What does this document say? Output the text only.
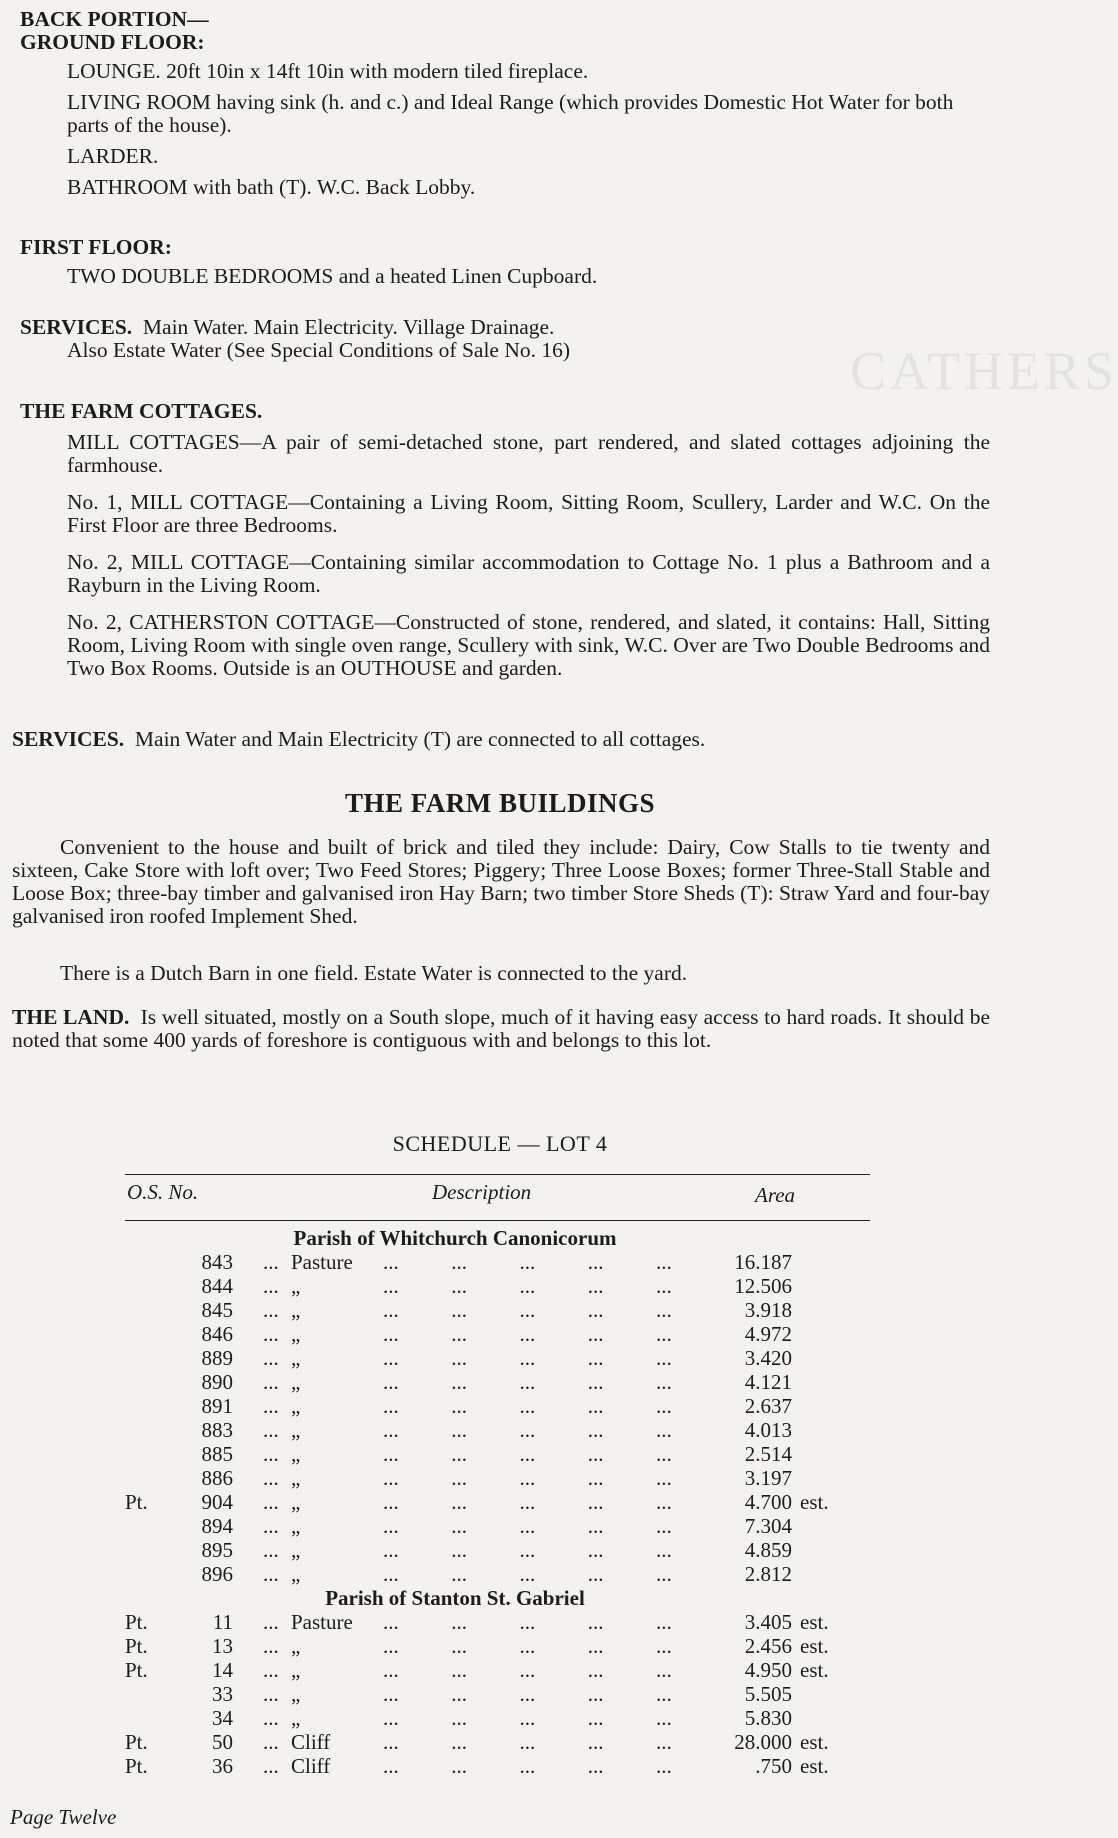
CATHERS
BACK PORTION—
GROUND FLOOR:
LOUNGE. 20ft 10in x 14ft 10in with modern tiled fireplace.
LIVING ROOM having sink (h. and c.) and Ideal Range (which provides Domestic Hot Water for both parts of the house).
LARDER.
BATHROOM with bath (T). W.C. Back Lobby.
FIRST FLOOR:
TWO DOUBLE BEDROOMS and a heated Linen Cupboard.
SERVICES. Main Water. Main Electricity. Village Drainage.
Also Estate Water (See Special Conditions of Sale No. 16)
THE FARM COTTAGES.
MILL COTTAGES—A pair of semi-detached stone, part rendered, and slated cottages adjoining the farmhouse.
No. 1, MILL COTTAGE—Containing a Living Room, Sitting Room, Scullery, Larder and W.C. On the First Floor are three Bedrooms.
No. 2, MILL COTTAGE—Containing similar accommodation to Cottage No. 1 plus a Bathroom and a Rayburn in the Living Room.
No. 2, CATHERSTON COTTAGE—Constructed of stone, rendered, and slated, it contains: Hall, Sitting Room, Living Room with single oven range, Scullery with sink, W.C. Over are Two Double Bedrooms and Two Box Rooms. Outside is an OUTHOUSE and garden.
SERVICES. Main Water and Main Electricity (T) are connected to all cottages.
THE FARM BUILDINGS
Convenient to the house and built of brick and tiled they include: Dairy, Cow Stalls to tie twenty and sixteen, Cake Store with loft over; Two Feed Stores; Piggery; Three Loose Boxes; former Three-Stall Stable and Loose Box; three-bay timber and galvanised iron Hay Barn; two timber Store Sheds (T): Straw Yard and four-bay galvanised iron roofed Implement Shed.
There is a Dutch Barn in one field. Estate Water is connected to the yard.
THE LAND. Is well situated, mostly on a South slope, much of it having easy access to hard roads. It should be noted that some 400 yards of foreshore is contiguous with and belongs to this lot.
SCHEDULE — LOT 4
O.S. No.	Description	Area
Parish of Whitchurch Canonicorum
	843		...	Pasture	...          ...          ...          ...          ...	16.187	
	844		...	„	...          ...          ...          ...          ...	12.506	
	845		...	„	...          ...          ...          ...          ...	3.918	
	846		...	„	...          ...          ...          ...          ...	4.972	
	889		...	„	...          ...          ...          ...          ...	3.420	
	890		...	„	...          ...          ...          ...          ...	4.121	
	891		...	„	...          ...          ...          ...          ...	2.637	
	883		...	„	...          ...          ...          ...          ...	4.013	
	885		...	„	...          ...          ...          ...          ...	2.514	
	886		...	„	...          ...          ...          ...          ...	3.197	
Pt.	904		...	„	...          ...          ...          ...          ...	4.700	est.
	894		...	„	...          ...          ...          ...          ...	7.304	
	895		...	„	...          ...          ...          ...          ...	4.859	
	896		...	„	...          ...          ...          ...          ...	2.812	
Parish of Stanton St. Gabriel
Pt.	11		...	Pasture	...          ...          ...          ...          ...	3.405	est.
Pt.	13		...	„	...          ...          ...          ...          ...	2.456	est.
Pt.	14		...	„	...          ...          ...          ...          ...	4.950	est.
	33		...	„	...          ...          ...          ...          ...	5.505	
	34		...	„	...          ...          ...          ...          ...	5.830	
Pt.	50		...	Cliff	...          ...          ...          ...          ...	28.000	est.
Pt.	36		...	Cliff	...          ...          ...          ...          ...	.750	est.
Page Twelve
